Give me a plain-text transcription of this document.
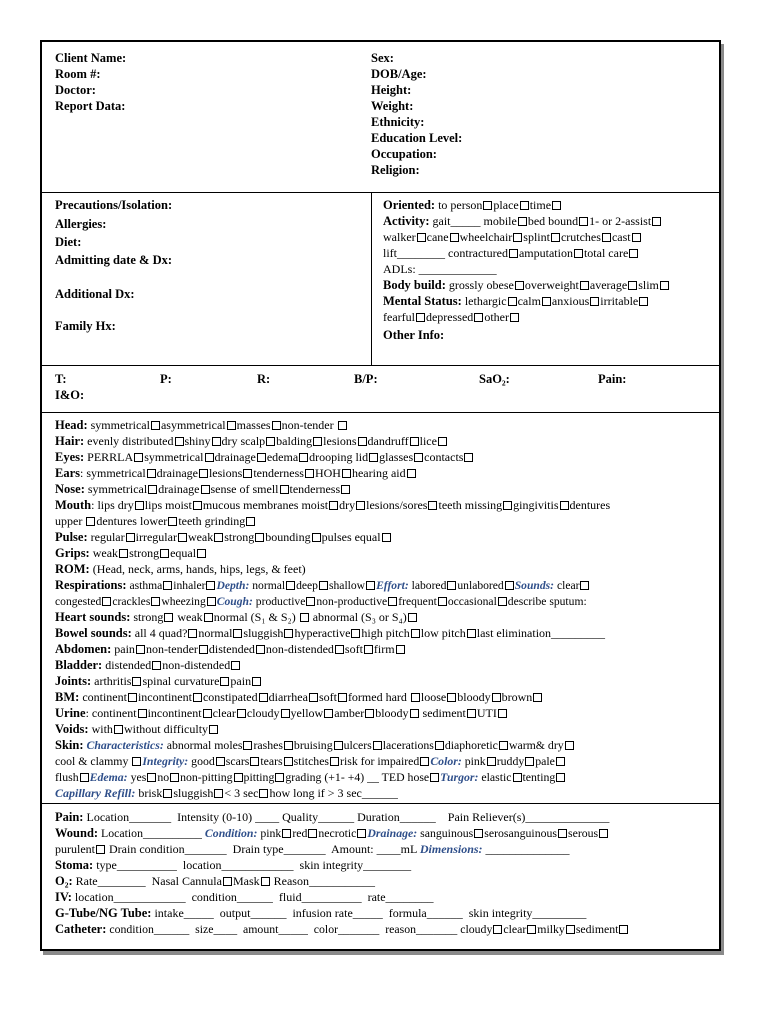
Client Name:
Room #:
Doctor:
Report Data:
Sex:
DOB/Age:
Height:
Weight:
Ethnicity:
Education Level:
Occupation:
Religion:
Precautions/Isolation:
Allergies:
Diet:
Admitting date & Dx:
Additional Dx:
Family Hx:
Oriented: to person place time
Activity: gait_____ mobile bed bound 1- or 2-assist
walker cane wheelchair splint crutches cast
lift________ contractured amputation total care
ADLs: _____________
Body build: grossly obese overweight average slim
Mental Status: lethargic calm anxious irritable
fearful depressed other
Other Info:
T:	P:	R:	B/P:	SaO₂:	Pain:
I&O:
Head: symmetrical asymmetrical masses non-tender
Hair: evenly distributed shiny dry scalp balding lesions dandruff lice
Eyes: PERRLA symmetrical drainage edema drooping lid glasses contacts
Ears: symmetrical drainage lesions tenderness HOH hearing aid
Nose: symmetrical drainage sense of smell tenderness
Mouth: lips dry lips moist mucous membranes moist dry lesions/sores teeth missing gingivitis dentures
upper dentures lower teeth grinding
Pulse: regular irregular weak strong bounding pulses equal
Grips: weak strong equal
ROM: (Head, neck, arms, hands, hips, legs, & feet)
Respirations: asthma inhaler Depth: normal deep shallow Effort: labored unlabored Sounds: clear
congested crackles wheezing Cough: productive non-productive frequent occasional describe sputum:
Heart sounds: strong weak normal (S₁ & S₂) abnormal (S₃ or S₄)
Bowel sounds: all 4 quad? normal sluggish hyperactive high pitch low pitch last elimination_________
Abdomen: pain non-tender distended non-distended soft firm
Bladder: distended non-distended
Joints: arthritis spinal curvature pain
BM: continent incontinent constipated diarrhea soft formed hard loose bloody brown
Urine: continent incontinent clear cloudy yellow amber bloody sediment UTI
Voids: with without difficulty
Skin: Characteristics: abnormal moles rashes bruising ulcers lacerations diaphoretic warm& dry
cool & clammy Integrity: good scars tears stitches risk for impaired Color: pink ruddy pale
flush Edema: yes no non-pitting pitting grading (+1- +4) __ TED hose Turgor: elastic tenting
Capillary Refill: brisk sluggish < 3 sec how long if > 3 sec______
Pain: Location_______  Intensity (0-10) ____ Quality______ Duration______    Pain Reliever(s)______________
Wound: Location__________ Condition: pink red necrotic Drainage: sanguinous serosanguinous serous
purulent Drain condition_______  Drain type_______  Amount: ____mL Dimensions: ______________
Stoma: type__________  location____________  skin integrity________
O₂: Rate________  Nasal Cannula Mask Reason___________
IV: location____________  condition______  fluid__________  rate________
G-Tube/NG Tube: intake_____  output______  infusion rate_____  formula______  skin integrity_________
Catheter: condition______  size____  amount_____  color_______  reason_______ cloudy clear milky sediment
